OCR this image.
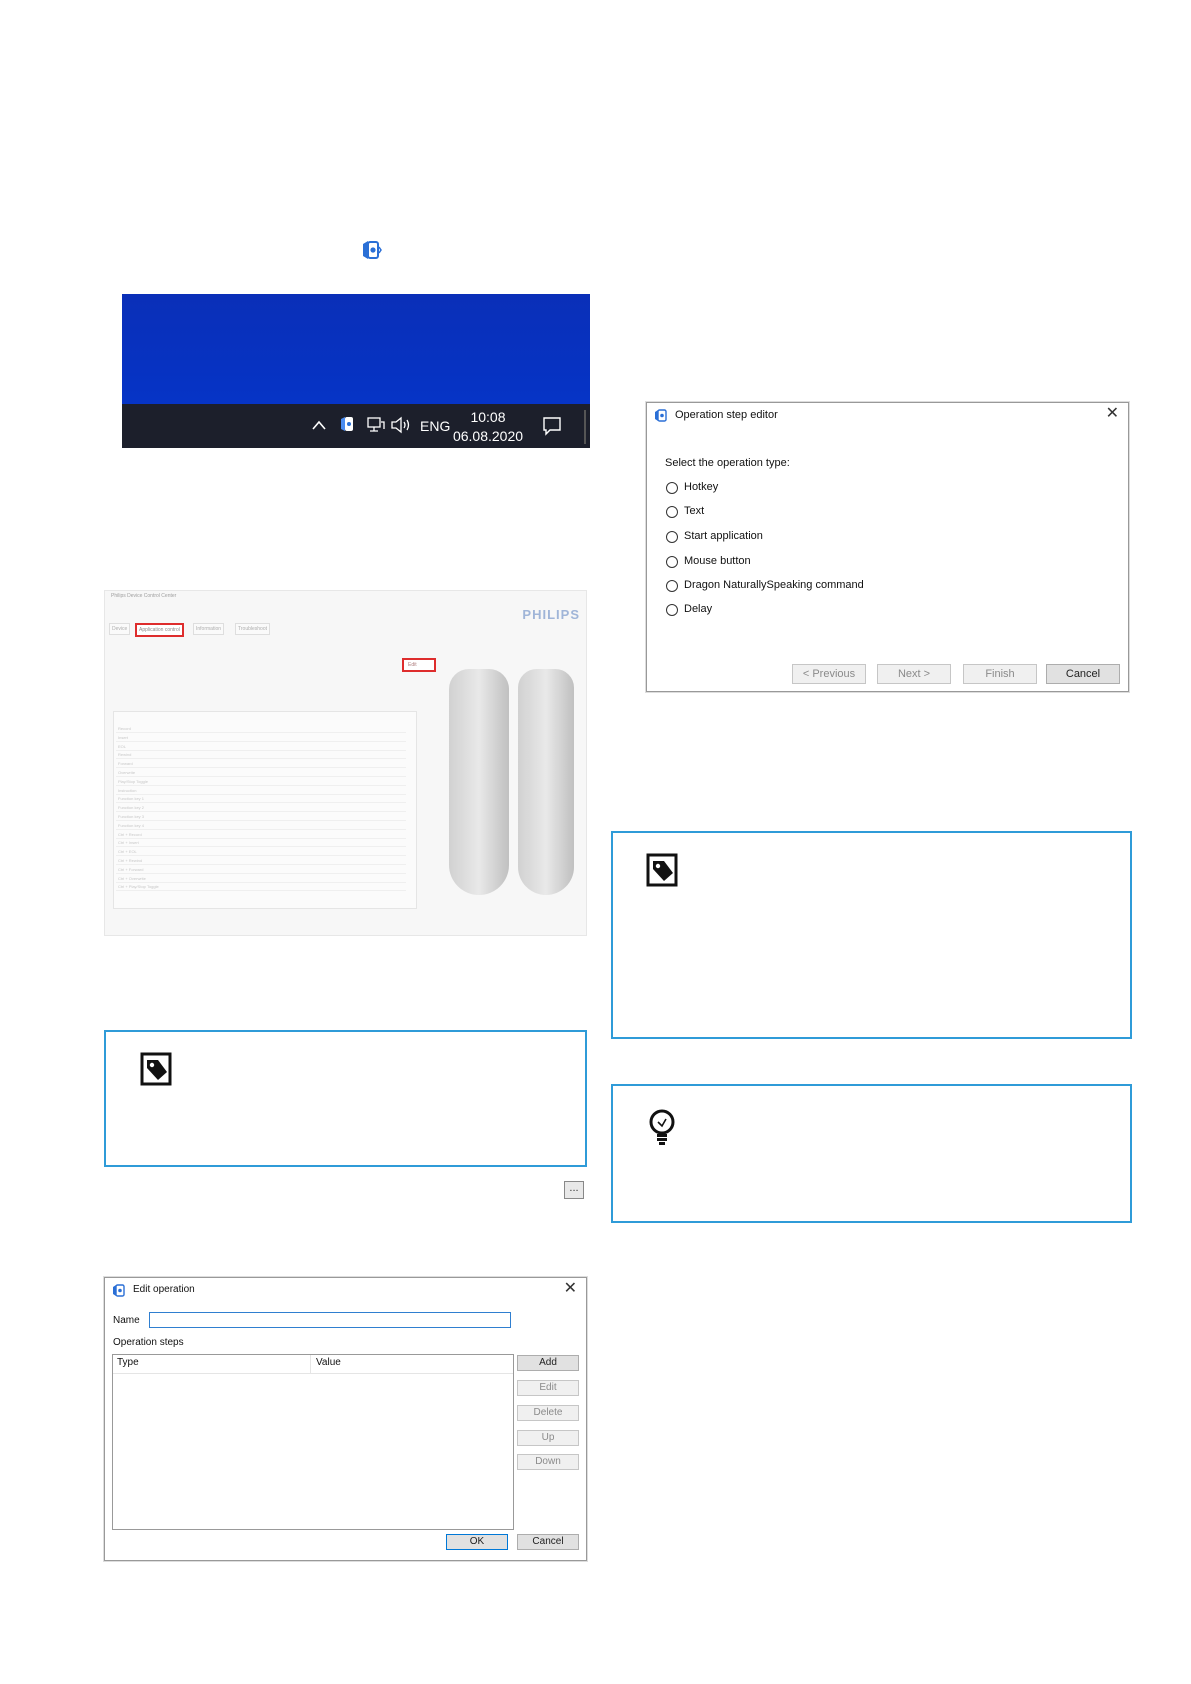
ENG
10:08
06.08.2020
Philips Device Control Center
PHILIPS
Device	Application control	Information	Troubleshoot
Edit
Record
Insert
EOL
Rewind
Forward
Overwrite
Play/Stop Toggle
Instruction
Function key 1
Function key 2
Function key 3
Function key 4
Ctrl + Record
Ctrl + Insert
Ctrl + EOL
Ctrl + Rewind
Ctrl + Forward
Ctrl + Overwrite
Ctrl + Play/Stop Toggle
...
Edit operation	✕
Name
Operation steps
Type	Value	Add
Edit
Delete
Up
Down
OK	Cancel
Operation step editor	✕
Select the operation type:
Hotkey
Text
Start application
Mouse button
Dragon NaturallySpeaking command
Delay
< Previous	Next >	Finish	Cancel
